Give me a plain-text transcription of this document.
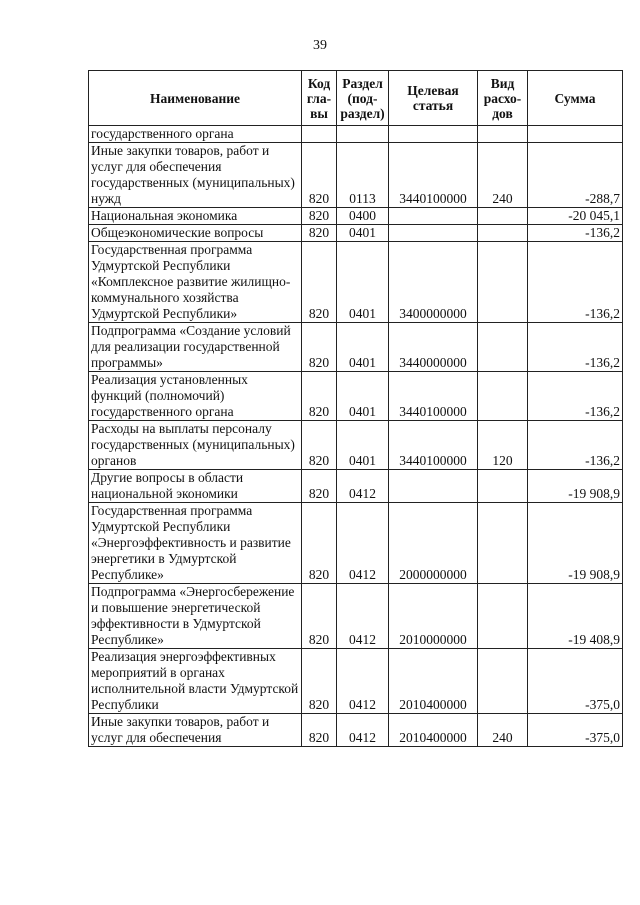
39
Наименование	Код гла- вы	Раздел (под- раздел)	Целевая статья	Вид расхо- дов	Сумма
государственного органа					
Иные закупки товаров, работ и услуг для обеспечения государственных (муниципальных) нужд	820	0113	3440100000	240	-288,7
Национальная экономика	820	0400			-20 045,1
Общеэкономические вопросы	820	0401			-136,2
Государственная программа Удмуртской Республики «Комплексное развитие жилищно-коммунального хозяйства Удмуртской Республики»	820	0401	3400000000		-136,2
Подпрограмма «Создание условий для реализации государственной программы»	820	0401	3440000000		-136,2
Реализация установленных функций (полномочий) государственного органа	820	0401	3440100000		-136,2
Расходы на выплаты персоналу государственных (муниципальных) органов	820	0401	3440100000	120	-136,2
Другие вопросы в области национальной экономики	820	0412			-19 908,9
Государственная программа Удмуртской Республики «Энергоэффективность и развитие энергетики в Удмуртской Республике»	820	0412	2000000000		-19 908,9
Подпрограмма «Энергосбережение и повышение энергетической эффективности в Удмуртской Республике»	820	0412	2010000000		-19 408,9
Реализация энергоэффективных мероприятий в органах исполнительной власти Удмуртской Республики	820	0412	2010400000		-375,0
Иные закупки товаров, работ и услуг для обеспечения	820	0412	2010400000	240	-375,0
